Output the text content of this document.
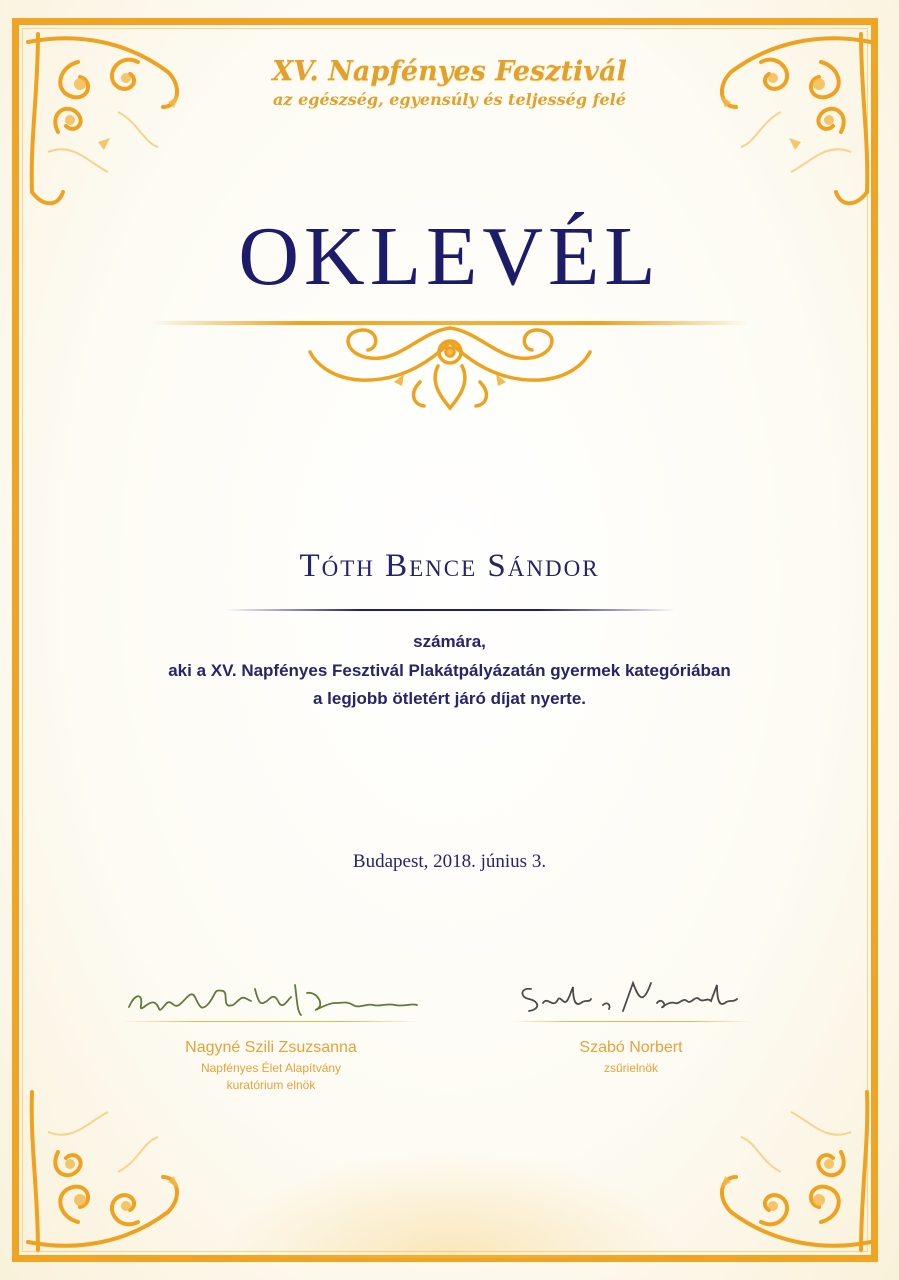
XV. Napfényes Fesztivál
az egészség, egyensúly és teljesség felé
OKLEVÉL
Tóth Bence Sándor
számára,
aki a XV. Napfényes Fesztivál Plakátpályázatán gyermek kategóriában
a legjobb ötletért járó díjat nyerte.
Budapest, 2018. június 3.
Nagyné Szili Zsuzsanna
Napfényes Élet Alapítvány
kuratórium elnök
Szabó Norbert
zsűrielnök
